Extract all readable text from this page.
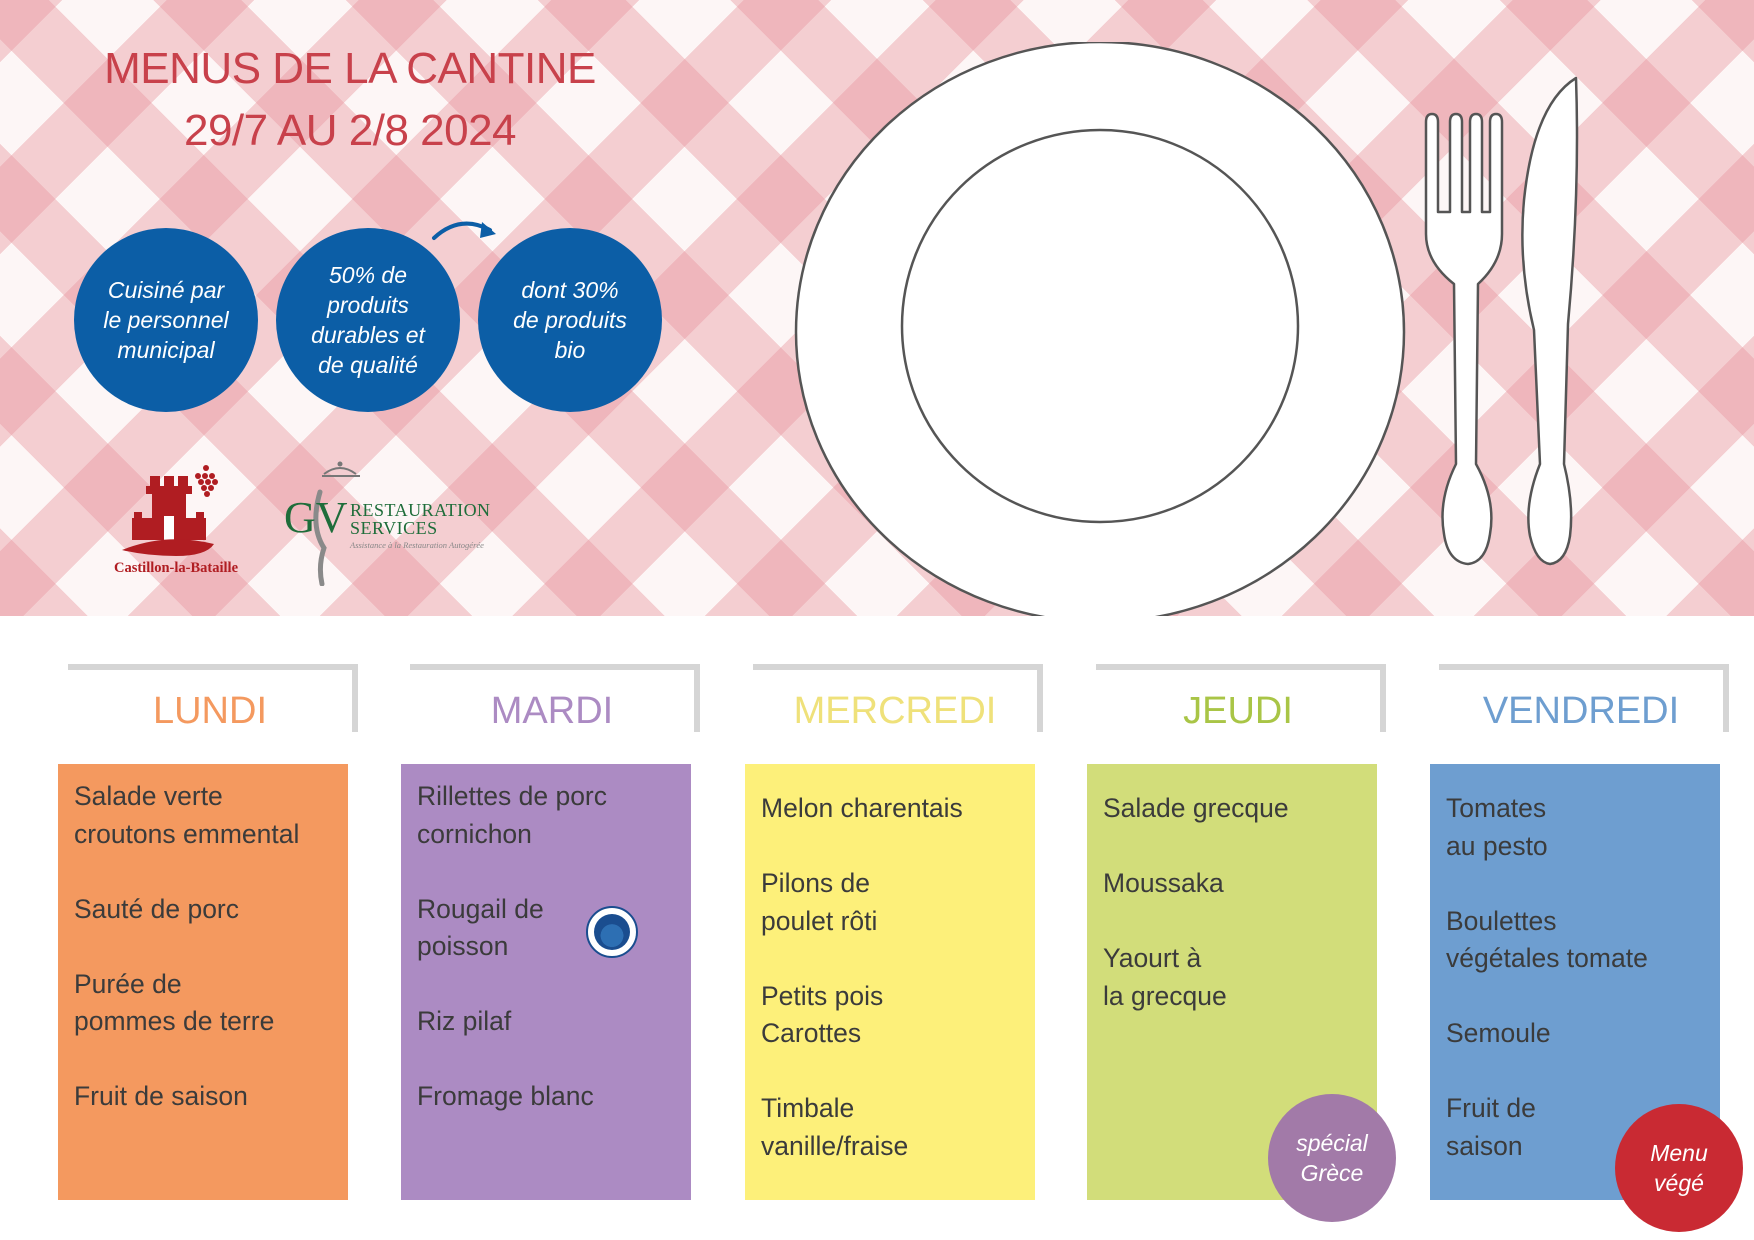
MENUS DE LA CANTINE
29/7 AU 2/8 2024
Cuisiné par
le personnel
municipal
50% de
produits
durables et
de qualité
dont 30%
de produits
bio
Castillon-la-Bataille
GV RESTAURATION
SERVICES
Assistance à la Restauration Autogérée
LUNDI
Salade verte
croutons emmental
Sauté de porc
Purée de
pommes de terre
Fruit de saison
MARDI
Rillettes de porc
cornichon
Rougail de
poisson
Riz pilaf
Fromage blanc
MERCREDI
Melon charentais
Pilons de
poulet rôti
Petits pois
Carottes
Timbale
vanille/fraise
JEUDI
Salade grecque
Moussaka
Yaourt à
la grecque
spécial
Grèce
VENDREDI
Tomates
au pesto
Boulettes
végétales tomate
Semoule
Fruit de
saison	Menu
végé
